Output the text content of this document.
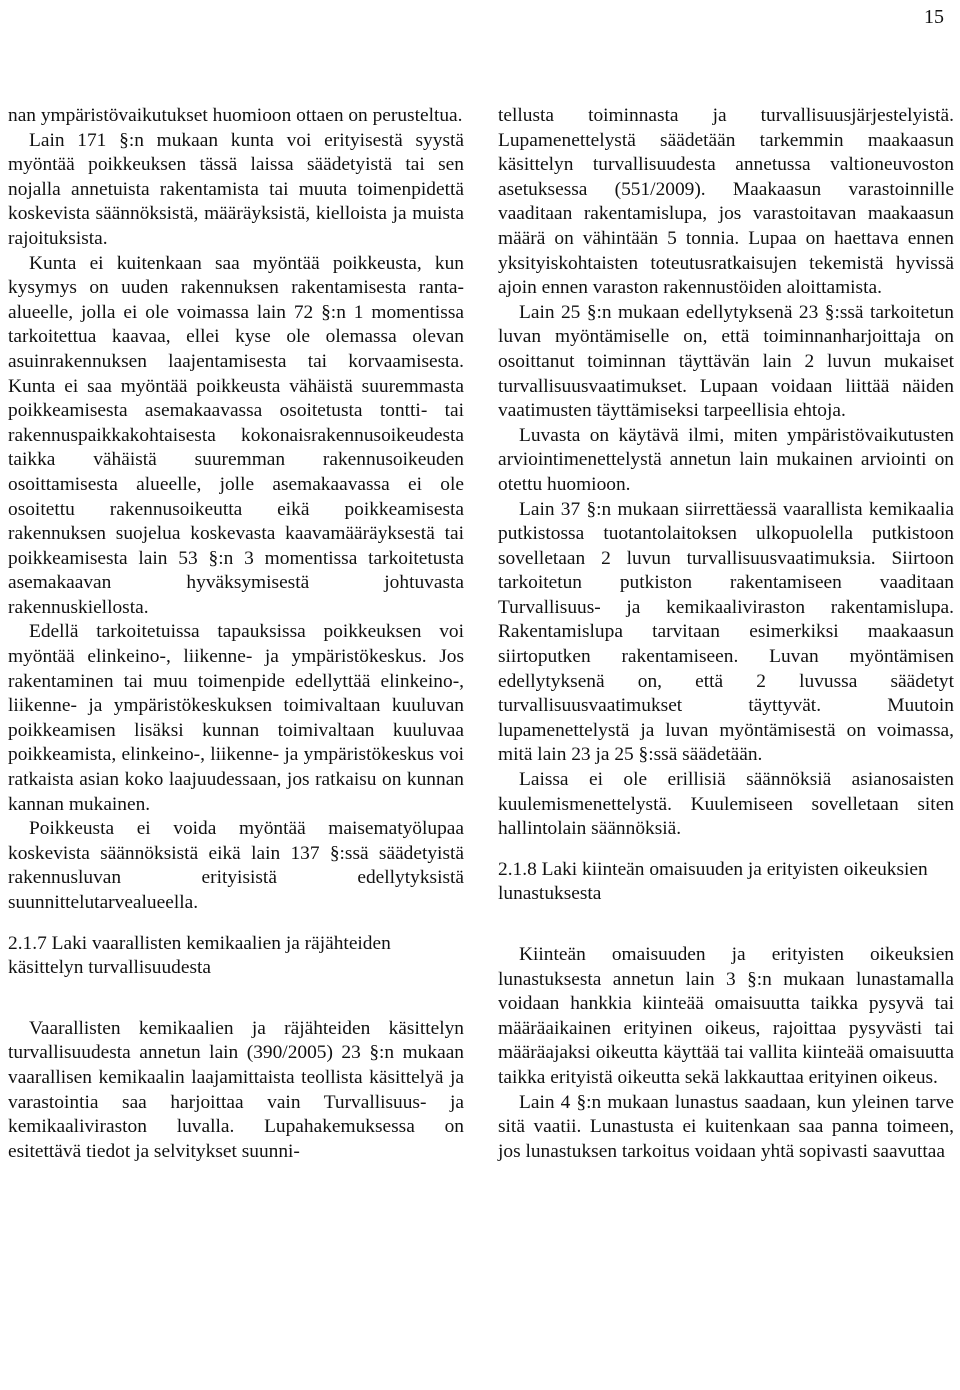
15

nan ympäristövaikutukset huomioon ottaen on perusteltua.

Lain 171 §:n mukaan kunta voi erityisestä syystä myöntää poikkeuksen tässä laissa säädetyistä tai sen nojalla annetuista rakentamista tai muuta toimenpidettä koskevista säännöksistä, määräyksistä, kielloista ja muista rajoituksista.

Kunta ei kuitenkaan saa myöntää poikkeusta, kun kysymys on uuden rakennuksen rakentamisesta ranta-alueelle, jolla ei ole voimassa lain 72 §:n 1 momentissa tarkoitettua kaavaa, ellei kyse ole olemassa olevan asuinrakennuksen laajentamisesta tai korvaamisesta. Kunta ei saa myöntää poikkeusta vähäistä suuremmasta poikkeamisesta asemakaavassa osoitetusta tontti- tai rakennuspaikkakohtaisesta kokonaisrakennusoikeudesta taikka vähäistä suuremman rakennusoikeuden osoittamisesta alueelle, jolle asemakaavassa ei ole osoitettu rakennusoikeutta eikä poikkeamisesta rakennuksen suojelua koskevasta kaavamääräyksestä tai poikkeamisesta lain 53 §:n 3 momentissa tarkoitetusta asemakaavan hyväksymisestä johtuvasta rakennuskiellosta.

Edellä tarkoitetuissa tapauksissa poikkeuksen voi myöntää elinkeino-, liikenne- ja ympäristökeskus. Jos rakentaminen tai muu toimenpide edellyttää elinkeino-, liikenne- ja ympäristökeskuksen toimivaltaan kuuluvan poikkeamisen lisäksi kunnan toimivaltaan kuuluvaa poikkeamista, elinkeino-, liikenne- ja ympäristökeskus voi ratkaista asian koko laajuudessaan, jos ratkaisu on kunnan kannan mukainen.

Poikkeusta ei voida myöntää maisematyölupaa koskevista säännöksistä eikä lain 137 §:ssä säädetyistä rakennusluvan erityisistä edellytyksistä suunnittelutarvealueella.

2.1.7 Laki vaarallisten kemikaalien ja räjähteiden käsittelyn turvallisuudesta

Vaarallisten kemikaalien ja räjähteiden käsittelyn turvallisuudesta annetun lain (390/2005) 23 §:n mukaan vaarallisen kemikaalin laajamittaista teollista käsittelyä ja varastointia saa harjoittaa vain Turvallisuus- ja kemikaaliviraston luvalla. Lupahakemuksessa on esitettävä tiedot ja selvitykset suunni-

tellusta toiminnasta ja turvallisuusjärjestelyistä. Lupamenettelystä säädetään tarkemmin maakaasun käsittelyn turvallisuudesta annetussa valtioneuvoston asetuksessa (551/2009). Maakaasun varastoinnille vaaditaan rakentamislupa, jos varastoitavan maakaasun määrä on vähintään 5 tonnia. Lupaa on haettava ennen yksityiskohtaisten toteutusratkaisujen tekemistä hyvissä ajoin ennen varaston rakennustöiden aloittamista.

Lain 25 §:n mukaan edellytyksenä 23 §:ssä tarkoitetun luvan myöntämiselle on, että toiminnanharjoittaja on osoittanut toiminnan täyttävän lain 2 luvun mukaiset turvallisuusvaatimukset. Lupaan voidaan liittää näiden vaatimusten täyttämiseksi tarpeellisia ehtoja.

Luvasta on käytävä ilmi, miten ympäristövaikutusten arviointimenettelystä annetun lain mukainen arviointi on otettu huomioon.

Lain 37 §:n mukaan siirrettäessä vaarallista kemikaalia putkistossa tuotantolaitoksen ulkopuolella putkistoon sovelletaan 2 luvun turvallisuusvaatimuksia. Siirtoon tarkoitetun putkiston rakentamiseen vaaditaan Turvallisuus- ja kemikaaliviraston rakentamislupa. Rakentamislupa tarvitaan esimerkiksi maakaasun siirtoputken rakentamiseen. Luvan myöntämisen edellytyksenä on, että 2 luvussa säädetyt turvallisuusvaatimukset täyttyvät. Muutoin lupamenettelystä ja luvan myöntämisestä on voimassa, mitä lain 23 ja 25 §:ssä säädetään.

Laissa ei ole erillisiä säännöksiä asianosaisten kuulemismenettelystä. Kuulemiseen sovelletaan siten hallintolain säännöksiä.

2.1.8 Laki kiinteän omaisuuden ja erityisten oikeuksien lunastuksesta

Kiinteän omaisuuden ja erityisten oikeuksien lunastuksesta annetun lain 3 §:n mukaan lunastamalla voidaan hankkia kiinteää omaisuutta taikka pysyvä tai määräaikainen erityinen oikeus, rajoittaa pysyvästi tai määräajaksi oikeutta käyttää tai vallita kiinteää omaisuutta taikka erityistä oikeutta sekä lakkauttaa erityinen oikeus.

Lain 4 §:n mukaan lunastus saadaan, kun yleinen tarve sitä vaatii. Lunastusta ei kuitenkaan saa panna toimeen, jos lunastuksen tarkoitus voidaan yhtä sopivasti saavuttaa
